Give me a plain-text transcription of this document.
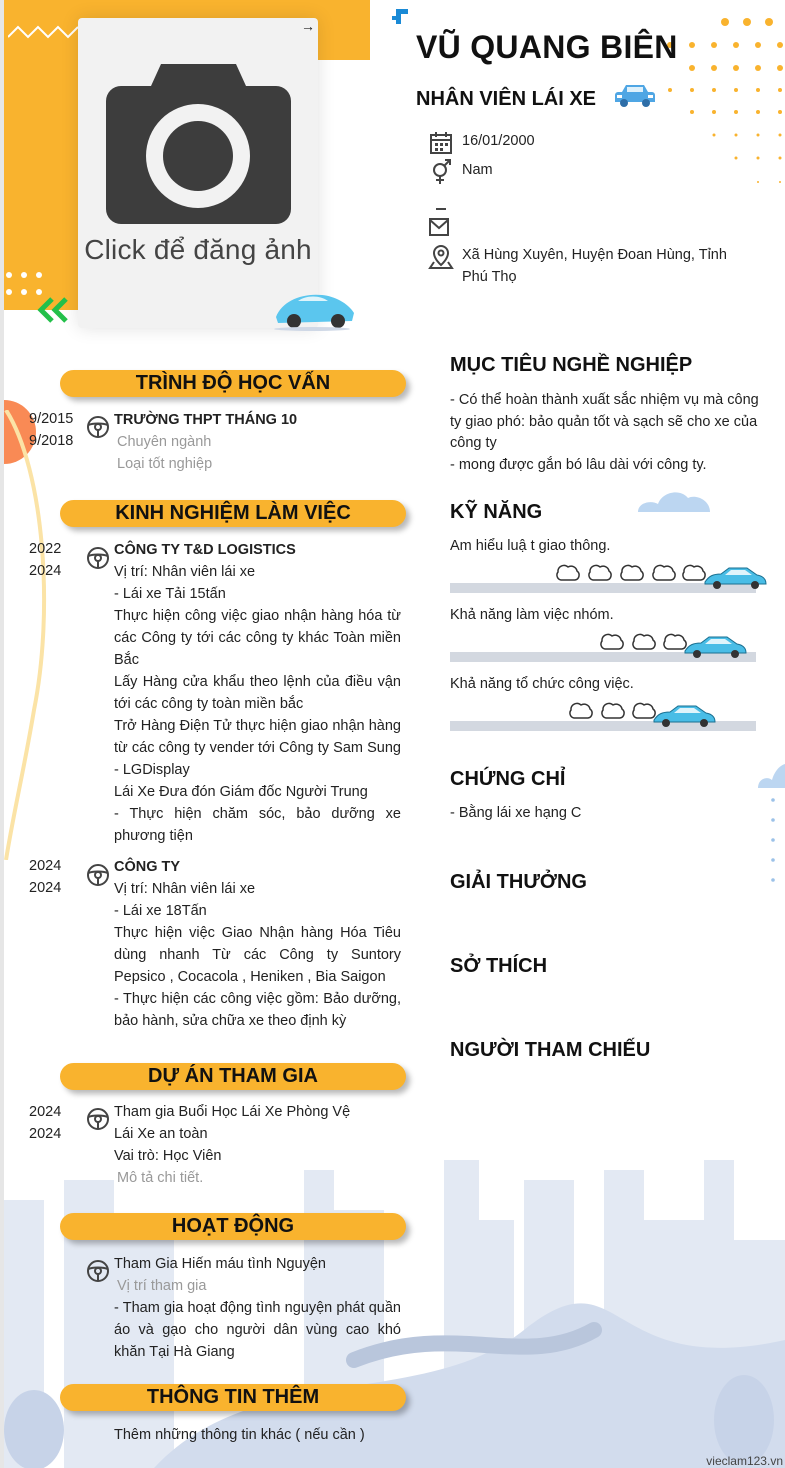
Click để đăng ảnh
→
VŨ QUANG BIÊN
NHÂN VIÊN LÁI XE
16/01/2000
Nam
Xã Hùng Xuyên, Huyện Đoan Hùng, Tỉnh Phú Thọ
TRÌNH ĐỘ HỌC VẤN
9/2015
9/2018
TRƯỜNG THPT THÁNG 10
Chuyên ngành
Loại tốt nghiệp
KINH NGHIỆM LÀM VIỆC
2022
2024
CÔNG TY T&D LOGISTICS
Vị trí: Nhân viên lái xe
- Lái xe Tải 15tấn
Thực hiện công việc giao nhận hàng hóa từ các Công ty tới các công ty khác Toàn miền Bắc
Lấy Hàng cửa khẩu theo lệnh của điều vận tới các công ty toàn miền bắc
Trở Hàng Điện Tử thực hiện giao nhận hàng từ các công ty vender tới Công ty Sam Sung - LGDisplay
Lái Xe Đưa đón Giám đốc Người Trung
- Thực hiện chăm sóc, bảo dưỡng xe phương tiện
2024
2024
CÔNG TY
Vị trí: Nhân viên lái xe
- Lái xe 18Tấn
Thực hiện việc Giao Nhận hàng Hóa Tiêu dùng nhanh Từ các Công ty Suntory Pepsico , Cocacola , Heniken , Bia Saigon
- Thực hiện các công việc gồm: Bảo dưỡng, bảo hành, sửa chữa xe theo định kỳ
DỰ ÁN THAM GIA
2024
2024
Tham gia Buổi Học Lái Xe Phòng Vệ
Lái Xe an toàn
Vai trò: Học Viên
Mô tả chi tiết.
HOẠT ĐỘNG
Tham Gia Hiến máu tình Nguyện
Vị trí tham gia
- Tham gia hoạt động tình nguyện phát quần áo và gạo cho người dân vùng cao khó khăn Tại Hà Giang
THÔNG TIN THÊM
Thêm những thông tin khác ( nếu cần )
MỤC TIÊU NGHỀ NGHIỆP
- Có thể hoàn thành xuất sắc nhiệm vụ mà công ty giao phó: bảo quản tốt và sạch sẽ cho xe của công ty
- mong được gắn bó lâu dài với công ty.
KỸ NĂNG
Am hiểu luậ t giao thông.
Khả năng làm việc nhóm.
Khả năng tổ chức công việc.
CHỨNG CHỈ
- Bằng lái xe hạng C
GIẢI THƯỞNG
SỞ THÍCH
NGƯỜI THAM CHIẾU
vieclam123.vn
